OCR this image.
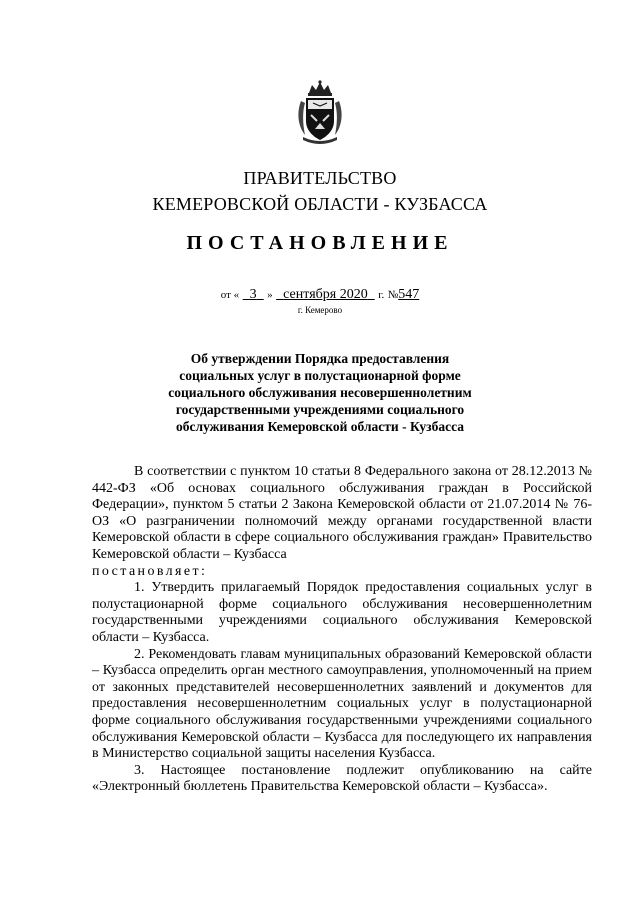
ПРАВИТЕЛЬСТВО
КЕМЕРОВСКОЙ ОБЛАСТИ - КУЗБАССА
ПОСТАНОВЛЕНИЕ
от « 3 » сентября 2020 г. №547
г. Кемерово
Об утверждении Порядка предоставления
социальных услуг в полустационарной форме
социального обслуживания несовершеннолетним
государственными учреждениями социального
обслуживания Кемеровской области - Кузбасса

В соответствии с пунктом 10 статьи 8 Федерального закона от 28.12.2013 № 442-ФЗ «Об основах социального обслуживания граждан в Российской Федерации», пунктом 5 статьи 2 Закона Кемеровской области от 21.07.2014 № 76-ОЗ «О разграничении полномочий между органами государственной власти Кемеровской области в сфере социального обслуживания граждан» Правительство Кемеровской области – Кузбасса

постановляет:

1. Утвердить прилагаемый Порядок предоставления социальных услуг в полустационарной форме социального обслуживания несовершеннолетним государственными учреждениями социального обслуживания Кемеровской области – Кузбасса.

2. Рекомендовать главам муниципальных образований Кемеровской области – Кузбасса определить орган местного самоуправления, уполномоченный на прием от законных представителей несовершеннолетних заявлений и документов для предоставления несовершеннолетним социальных услуг в полустационарной форме социального обслуживания государственными учреждениями социального обслуживания Кемеровской области – Кузбасса для последующего их направления в Министерство социальной защиты населения Кузбасса.

3. Настоящее постановление подлежит опубликованию на сайте «Электронный бюллетень Правительства Кемеровской области – Кузбасса».
